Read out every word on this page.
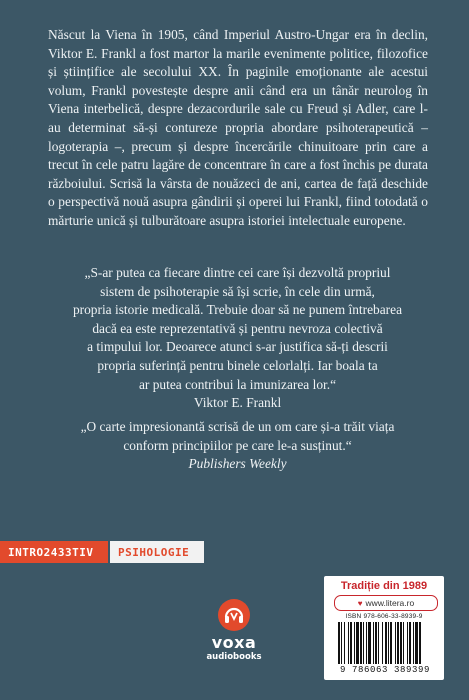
Născut la Viena în 1905, când Imperiul Austro-Ungar era în declin, Viktor E. Frankl a fost martor la marile evenimente politice, filozofice și științifice ale secolului XX. În paginile emoționante ale acestui volum, Frankl povestește despre anii când era un tânăr neurolog în Viena interbelică, despre dezacordurile sale cu Freud și Adler, care l-au determinat să-și contureze propria abordare psihoterapeutică – logoterapia –, precum și despre încercările chinuitoare prin care a trecut în cele patru lagăre de concentrare în care a fost închis pe durata războiului. Scrisă la vârsta de nouăzeci de ani, cartea de față deschide o perspectivă nouă asupra gândirii și operei lui Frankl, fiind totodată o mărturie unică și tulburătoare asupra istoriei intelectuale europene.

„S-ar putea ca fiecare dintre cei care își dezvoltă propriul
sistem de psihoterapie să își scrie, în cele din urmă,
propria istorie medicală. Trebuie doar să ne punem întrebarea
dacă ea este reprezentativă și pentru nevroza colectivă
a timpului lor. Deoarece atunci s-ar justifica să-ți descrii
propria suferință pentru binele celorlalți. Iar boala ta
ar putea contribui la imunizarea lor.“

Viktor E. Frankl

„O carte impresionantă scrisă de un om care și-a trăit viața
conform principiilor pe care le-a susținut.“

Publishers Weekly
INTRO2433TIV	PSIHOLOGIE
voxa
audiobooks
Tradiție din 1989
♥ www.litera.ro
ISBN 978-606-33-8939-9
9 786063 389399
